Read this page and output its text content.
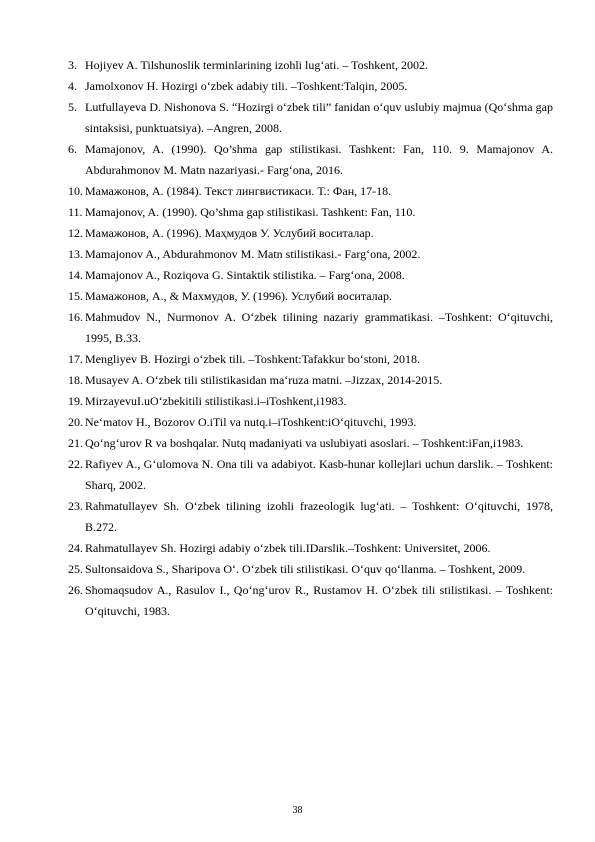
3. Hojiyev A. Tilshunoslik terminlarining izohli lug‘ati. – Toshkent, 2002.
4. Jamolxonov H. Hozirgi o‘zbek adabiy tili. –Toshkent:Talqin, 2005.
5. Lutfullayeva D. Nishonova S. “Hozirgi o‘zbek tili” fanidan o‘quv uslubiy majmua (Qo‘shma gap sintaksisi, punktuatsiya). –Angren, 2008.
6. Mamajonov, A. (1990). Qo’shma gap stilistikasi. Tashkent: Fan, 110. 9. Mamajonov A. Abdurahmonov M. Matn nazariyasi.- Farg‘ona, 2016.
10. Мамажонов, А. (1984). Текст лингвистикаси. Т.: Фан, 17-18.
11. Mamajonov, A. (1990). Qo’shma gap stilistikasi. Tashkent: Fan, 110.
12. Мамажонов, А. (1996). Маҳмудов У. Услубий воситалар.
13. Mamajonov A., Abdurahmonov M. Matn stilistikasi.- Farg‘ona, 2002.
14. Mamajonov A., Roziqova G. Sintaktik stilistika. – Farg‘ona, 2008.
15. Мамажонов, А., & Махмудов, У. (1996). Услубий воситалар.
16. Mahmudov N., Nurmonov A. O‘zbek tilining nazariy grammatikasi. –Toshkent: O‘qituvchi, 1995, B.33.
17. Mengliyev B. Hozirgi o‘zbek tili. –Toshkent:Tafakkur bo‘stoni, 2018.
18. Musayev A. O‘zbek tili stilistikasidan ma‘ruza matni. –Jizzax, 2014-2015.
19. MirzayevuI.uO‘zbekitili stilistikasi.i–iToshkent,i1983.
20. Ne‘matov H., Bozorov O.iTil va nutq.i–iToshkent:iO‘qituvchi, 1993.
21. Qo‘ng‘urov R va boshqalar. Nutq madaniyati va uslubiyati asoslari. – Toshkent:iFan,i1983.
22. Rafiyev A., G‘ulomova N. Ona tili va adabiyot. Kasb-hunar kollejlari uchun darslik. – Toshkent: Sharq, 2002.
23. Rahmatullayev Sh. O‘zbek tilining izohli frazeologik lug‘ati. – Toshkent: O‘qituvchi, 1978, B.272.
24. Rahmatullayev Sh. Hozirgi adabiy o‘zbek tili.IDarslik.–Toshkent: Universitet, 2006.
25. Sultonsaidova S., Sharipova O‘. O‘zbek tili stilistikasi. O‘quv qo‘llanma. – Toshkent, 2009.
26. Shomaqsudov A., Rasulov I., Qo‘ng‘urov R., Rustamov H. O‘zbek tili stilistikasi. – Toshkent: O‘qituvchi, 1983.
38
